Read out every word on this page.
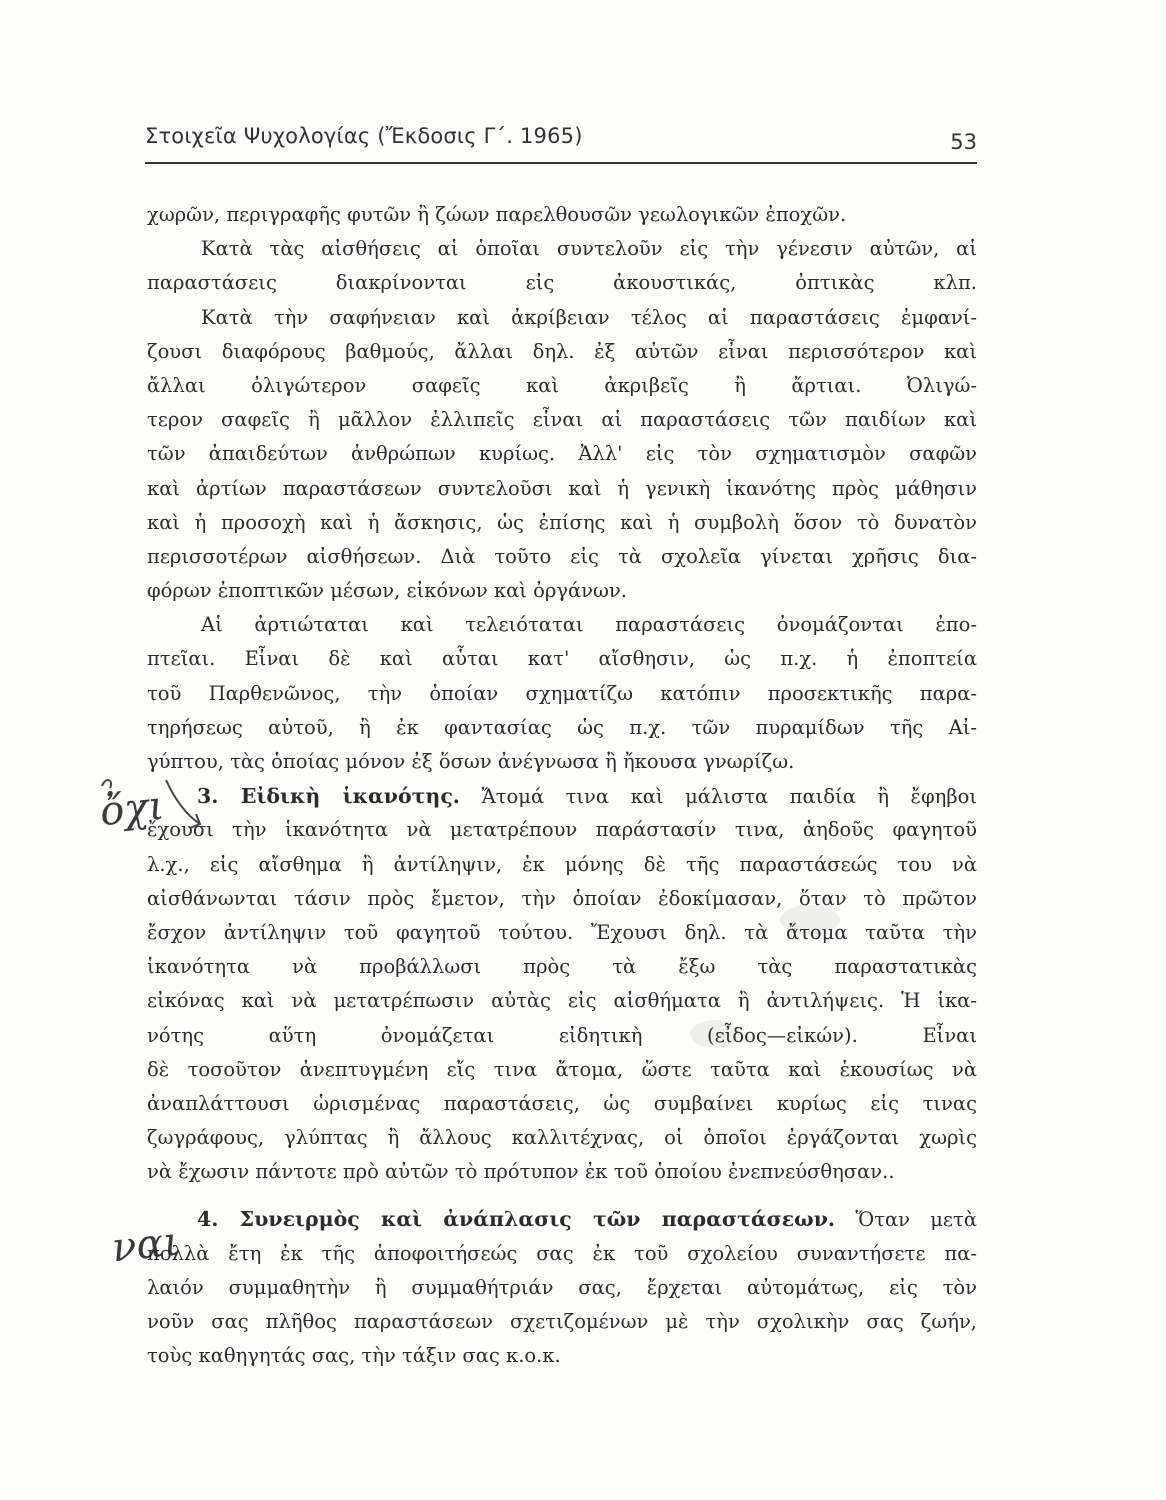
Στοιχεῖα Ψυχολογίας (Ἔκδοσις Γ΄. 1965)	53
ὄχι
ναι
χωρῶν, περιγραφῆς φυτῶν ἢ ζώων παρελθουσῶν γεωλογικῶν ἐποχῶν.
Κατὰ τὰς αἰσθήσεις αἱ ὁποῖαι συντελοῦν εἰς τὴν γένεσιν αὐτῶν, αἱ
παραστάσεις διακρίνονται εἰς ἀκουστικάς, ὀπτικὰς κλπ.
Κατὰ τὴν σαφήνειαν καὶ ἀκρίβειαν τέλος αἱ παραστάσεις ἐμφανί-
ζουσι διαφόρους βαθμούς, ἄλλαι δηλ. ἐξ αὐτῶν εἶναι περισσότερον καὶ
ἄλλαι ὀλιγώτερον σαφεῖς καὶ ἀκριβεῖς ἢ ἄρτιαι. Ὀλιγώ-
τερον σαφεῖς ἢ μᾶλλον ἐλλιπεῖς εἶναι αἱ παραστάσεις τῶν παιδίων καὶ
τῶν ἀπαιδεύτων ἀνθρώπων κυρίως. Ἀλλ' εἰς τὸν σχηματισμὸν σαφῶν
καὶ ἀρτίων παραστάσεων συντελοῦσι καὶ ἡ γενικὴ ἱκανότης πρὸς μάθησιν
καὶ ἡ προσοχὴ καὶ ἡ ἄσκησις, ὡς ἐπίσης καὶ ἡ συμβολὴ ὅσον τὸ δυνατὸν
περισσοτέρων αἰσθήσεων. Διὰ τοῦτο εἰς τὰ σχολεῖα γίνεται χρῆσις δια-
φόρων ἐποπτικῶν μέσων, εἰκόνων καὶ ὀργάνων.
Αἱ ἀρτιώταται καὶ τελειόταται παραστάσεις ὀνομάζονται ἐπο-
πτεῖαι. Εἶναι δὲ καὶ αὗται κατ' αἴσθησιν, ὡς π.χ. ἡ ἐποπτεία
τοῦ Παρθενῶνος, τὴν ὁποίαν σχηματίζω κατόπιν προσεκτικῆς παρα-
τηρήσεως αὐτοῦ, ἢ ἐκ φαντασίας ὡς π.χ. τῶν πυραμίδων τῆς Αἰ-
γύπτου, τὰς ὁποίας μόνον ἐξ ὅσων ἀνέγνωσα ἢ ἤκουσα γνωρίζω.
3. Εἰδικὴ ἱκανότης. Ἄτομά τινα καὶ μάλιστα παιδία ἢ ἔφηβοι
ἔχουσι τὴν ἱκανότητα νὰ μετατρέπουν παράστασίν τινα, ἀηδοῦς φαγητοῦ
λ.χ., εἰς αἴσθημα ἢ ἀντίληψιν, ἐκ μόνης δὲ τῆς παραστάσεώς του νὰ
αἰσθάνωνται τάσιν πρὸς ἔμετον, τὴν ὁποίαν ἐδοκίμασαν, ὅταν τὸ πρῶτον
ἔσχον ἀντίληψιν τοῦ φαγητοῦ τούτου. Ἔχουσι δηλ. τὰ ἄτομα ταῦτα τὴν
ἱκανότητα νὰ προβάλλωσι πρὸς τὰ ἔξω τὰς παραστατικὰς
εἰκόνας καὶ νὰ μετατρέπωσιν αὐτὰς εἰς αἰσθήματα ἢ ἀντιλήψεις. Ἡ ἱκα-
νότης αὕτη ὀνομάζεται εἰδητικὴ (εἶδος—εἰκών). Εἶναι
δὲ τοσοῦτον ἀνεπτυγμένη εἴς τινα ἄτομα, ὥστε ταῦτα καὶ ἑκουσίως νὰ
ἀναπλάττουσι ὡρισμένας παραστάσεις, ὡς συμβαίνει κυρίως εἰς τινας
ζωγράφους, γλύπτας ἢ ἄλλους καλλιτέχνας, οἱ ὁποῖοι ἐργάζονται χωρὶς
νὰ ἔχωσιν πάντοτε πρὸ αὐτῶν τὸ πρότυπον ἐκ τοῦ ὁποίου ἐνεπνεύσθησαν..
4. Συνειρμὸς καὶ ἀνάπλασις τῶν παραστάσεων. Ὅταν μετὰ
πολλὰ ἔτη ἐκ τῆς ἀποφοιτήσεώς σας ἐκ τοῦ σχολείου συναντήσετε πα-
λαιόν συμμαθητὴν ἢ συμμαθήτριάν σας, ἔρχεται αὐτομάτως, εἰς τὸν
νοῦν σας πλῆθος παραστάσεων σχετιζομένων μὲ τὴν σχολικὴν σας ζωήν,
τοὺς καθηγητάς σας, τὴν τάξιν σας κ.ο.κ.
